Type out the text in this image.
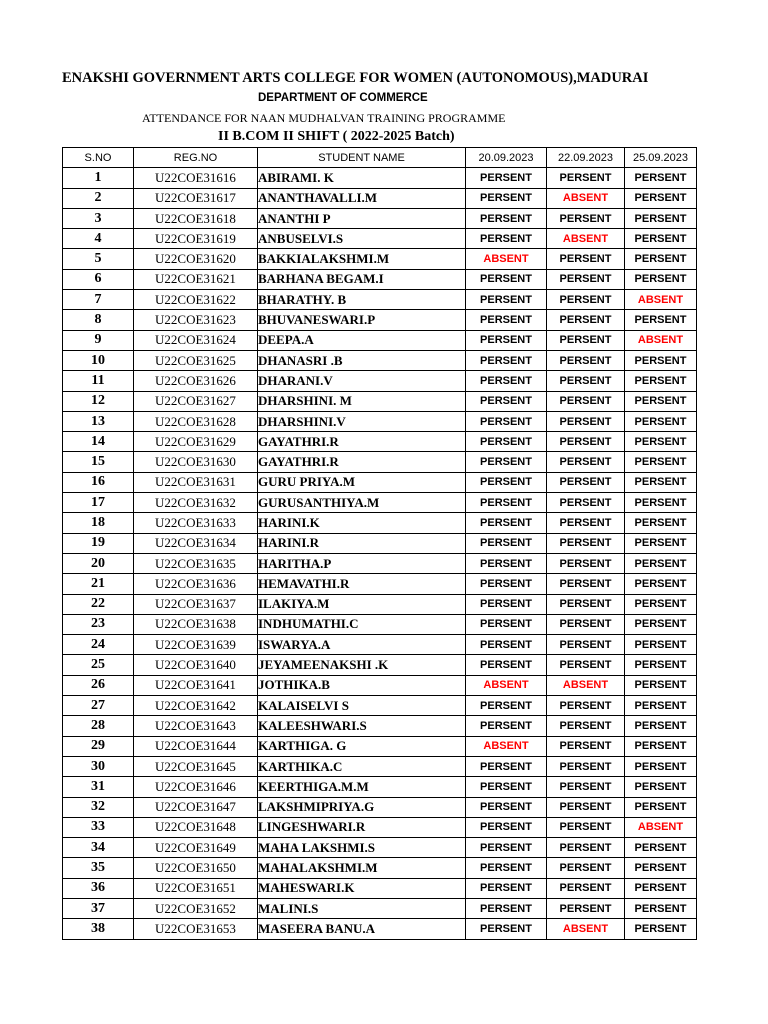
ENAKSHI GOVERNMENT ARTS COLLEGE FOR WOMEN (AUTONOMOUS),MADURAI
DEPARTMENT OF COMMERCE
ATTENDANCE FOR NAAN MUDHALVAN TRAINING PROGRAMME
II B.COM II SHIFT ( 2022-2025 Batch)
S.NO	REG.NO	STUDENT NAME	20.09.2023	22.09.2023	25.09.2023
1	U22COE31616	ABIRAMI. K	PERSENT	PERSENT	PERSENT
2	U22COE31617	ANANTHAVALLI.M	PERSENT	ABSENT	PERSENT
3	U22COE31618	ANANTHI P	PERSENT	PERSENT	PERSENT
4	U22COE31619	ANBUSELVI.S	PERSENT	ABSENT	PERSENT
5	U22COE31620	BAKKIALAKSHMI.M	ABSENT	PERSENT	PERSENT
6	U22COE31621	BARHANA BEGAM.I	PERSENT	PERSENT	PERSENT
7	U22COE31622	BHARATHY. B	PERSENT	PERSENT	ABSENT
8	U22COE31623	BHUVANESWARI.P	PERSENT	PERSENT	PERSENT
9	U22COE31624	DEEPA.A	PERSENT	PERSENT	ABSENT
10	U22COE31625	DHANASRI .B	PERSENT	PERSENT	PERSENT
11	U22COE31626	DHARANI.V	PERSENT	PERSENT	PERSENT
12	U22COE31627	DHARSHINI. M	PERSENT	PERSENT	PERSENT
13	U22COE31628	DHARSHINI.V	PERSENT	PERSENT	PERSENT
14	U22COE31629	GAYATHRI.R	PERSENT	PERSENT	PERSENT
15	U22COE31630	GAYATHRI.R	PERSENT	PERSENT	PERSENT
16	U22COE31631	GURU PRIYA.M	PERSENT	PERSENT	PERSENT
17	U22COE31632	GURUSANTHIYA.M	PERSENT	PERSENT	PERSENT
18	U22COE31633	HARINI.K	PERSENT	PERSENT	PERSENT
19	U22COE31634	HARINI.R	PERSENT	PERSENT	PERSENT
20	U22COE31635	HARITHA.P	PERSENT	PERSENT	PERSENT
21	U22COE31636	HEMAVATHI.R	PERSENT	PERSENT	PERSENT
22	U22COE31637	ILAKIYA.M	PERSENT	PERSENT	PERSENT
23	U22COE31638	INDHUMATHI.C	PERSENT	PERSENT	PERSENT
24	U22COE31639	ISWARYA.A	PERSENT	PERSENT	PERSENT
25	U22COE31640	JEYAMEENAKSHI .K	PERSENT	PERSENT	PERSENT
26	U22COE31641	JOTHIKA.B	ABSENT	ABSENT	PERSENT
27	U22COE31642	KALAISELVI S	PERSENT	PERSENT	PERSENT
28	U22COE31643	KALEESHWARI.S	PERSENT	PERSENT	PERSENT
29	U22COE31644	KARTHIGA. G	ABSENT	PERSENT	PERSENT
30	U22COE31645	KARTHIKA.C	PERSENT	PERSENT	PERSENT
31	U22COE31646	KEERTHIGA.M.M	PERSENT	PERSENT	PERSENT
32	U22COE31647	LAKSHMIPRIYA.G	PERSENT	PERSENT	PERSENT
33	U22COE31648	LINGESHWARI.R	PERSENT	PERSENT	ABSENT
34	U22COE31649	MAHA LAKSHMI.S	PERSENT	PERSENT	PERSENT
35	U22COE31650	MAHALAKSHMI.M	PERSENT	PERSENT	PERSENT
36	U22COE31651	MAHESWARI.K	PERSENT	PERSENT	PERSENT
37	U22COE31652	MALINI.S	PERSENT	PERSENT	PERSENT
38	U22COE31653	MASEERA BANU.A	PERSENT	ABSENT	PERSENT
